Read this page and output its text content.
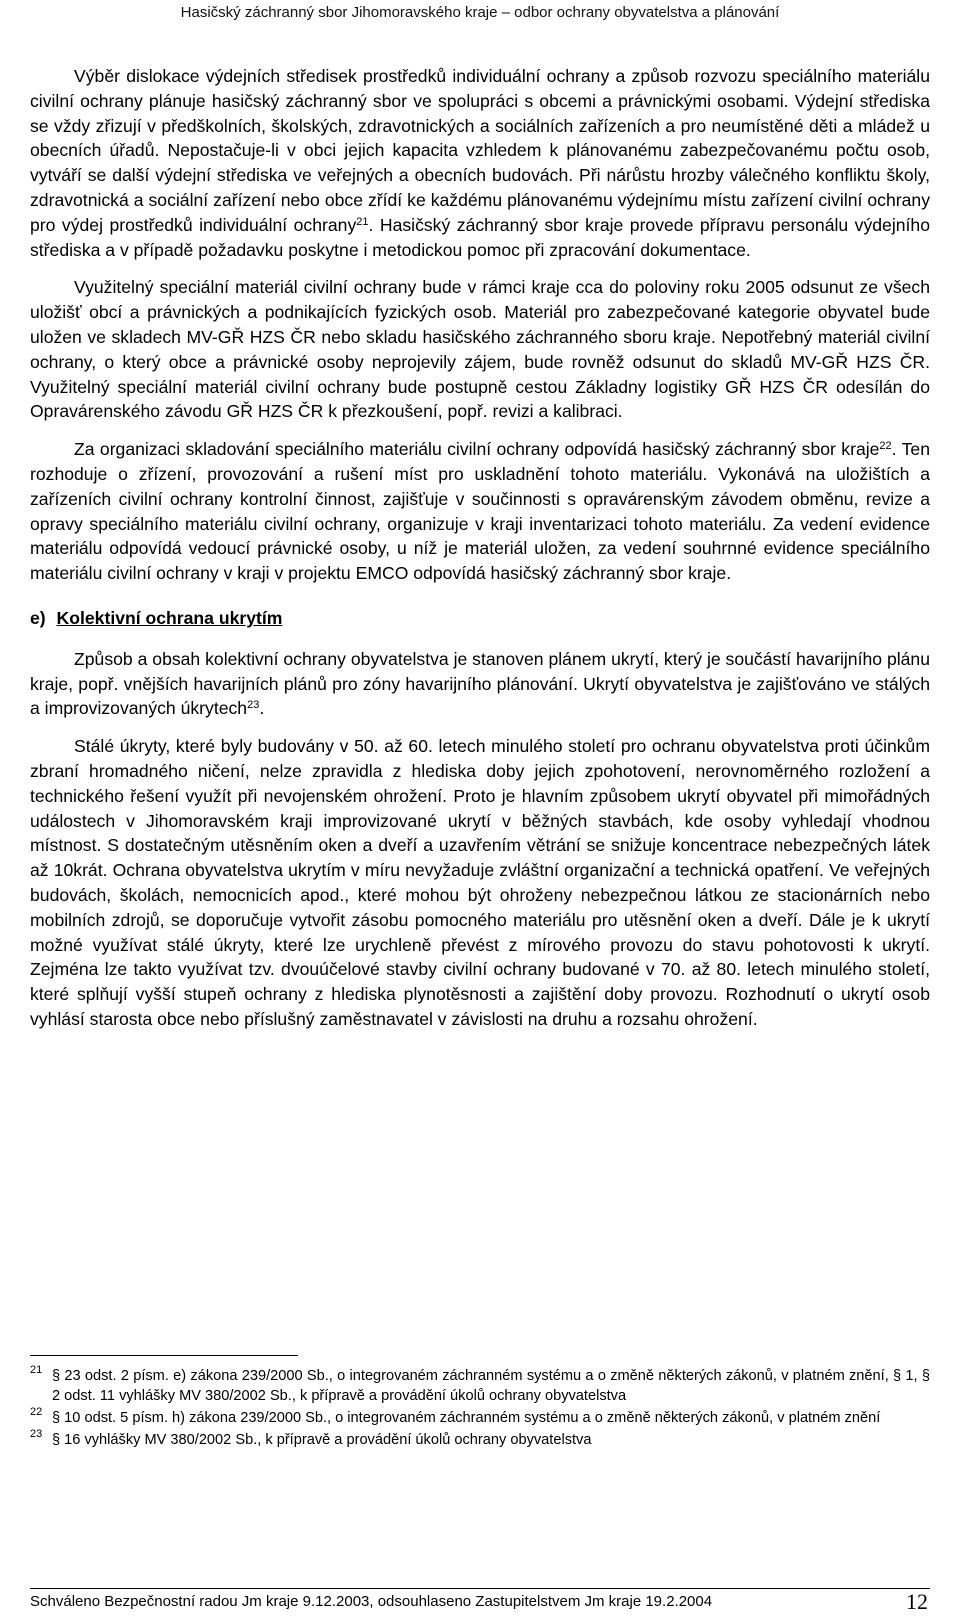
Hasičský záchranný sbor Jihomoravského kraje – odbor ochrany obyvatelstva a plánování

Výběr dislokace výdejních středisek prostředků individuální ochrany a způsob rozvozu speciálního materiálu civilní ochrany plánuje hasičský záchranný sbor ve spolupráci s obcemi a právnickými osobami. Výdejní střediska se vždy zřizují v předškolních, školských, zdravotnických a sociálních zařízeních a pro neumístěné děti a mládež u obecních úřadů. Nepostačuje-li v obci jejich kapacita vzhledem k plánovanému zabezpečovanému počtu osob, vytváří se další výdejní střediska ve veřejných a obecních budovách. Při nárůstu hrozby válečného konfliktu školy, zdravotnická a sociální zařízení nebo obce zřídí ke každému plánovanému výdejnímu místu zařízení civilní ochrany pro výdej prostředků individuální ochrany$^{21}$. Hasičský záchranný sbor kraje provede přípravu personálu výdejního střediska a v případě požadavku poskytne i metodickou pomoc při zpracování dokumentace.

Využitelný speciální materiál civilní ochrany bude v rámci kraje cca do poloviny roku 2005 odsunut ze všech uložišť obcí a právnických a podnikajících fyzických osob. Materiál pro zabezpečované kategorie obyvatel bude uložen ve skladech MV-GŘ HZS ČR nebo skladu hasičského záchranného sboru kraje. Nepotřebný materiál civilní ochrany, o který obce a právnické osoby neprojevily zájem, bude rovněž odsunut do skladů MV-GŘ HZS ČR. Využitelný speciální materiál civilní ochrany bude postupně cestou Základny logistiky GŘ HZS ČR odesílán do Opravárenského závodu GŘ HZS ČR k přezkoušení, popř. revizi a kalibraci.

Za organizaci skladování speciálního materiálu civilní ochrany odpovídá hasičský záchranný sbor kraje$^{22}$. Ten rozhoduje o zřízení, provozování a rušení míst pro uskladnění tohoto materiálu. Vykonává na uložištích a zařízeních civilní ochrany kontrolní činnost, zajišťuje v součinnosti s opravárenským závodem obměnu, revize a opravy speciálního materiálu civilní ochrany, organizuje v kraji inventarizaci tohoto materiálu. Za vedení evidence materiálu odpovídá vedoucí právnické osoby, u níž je materiál uložen, za vedení souhrnné evidence speciálního materiálu civilní ochrany v kraji v projektu EMCO odpovídá hasičský záchranný sbor kraje.

e) Kolektivní ochrana ukrytím

Způsob a obsah kolektivní ochrany obyvatelstva je stanoven plánem ukrytí, který je součástí havarijního plánu kraje, popř. vnějších havarijních plánů pro zóny havarijního plánování. Ukrytí obyvatelstva je zajišťováno ve stálých a improvizovaných úkrytech$^{23}$.

Stálé úkryty, které byly budovány v 50. až 60. letech minulého století pro ochranu obyvatelstva proti účinkům zbraní hromadného ničení, nelze zpravidla z hlediska doby jejich zpohotovení, nerovnoměrného rozložení a technického řešení využít při nevojenském ohrožení. Proto je hlavním způsobem ukrytí obyvatel při mimořádných událostech v Jihomoravském kraji improvizované ukrytí v běžných stavbách, kde osoby vyhledají vhodnou místnost. S dostatečným utěsněním oken a dveří a uzavřením větrání se snižuje koncentrace nebezpečných látek až 10krát. Ochrana obyvatelstva ukrytím v míru nevyžaduje zvláštní organizační a technická opatření. Ve veřejných budovách, školách, nemocnicích apod., které mohou být ohroženy nebezpečnou látkou ze stacionárních nebo mobilních zdrojů, se doporučuje vytvořit zásobu pomocného materiálu pro utěsnění oken a dveří. Dále je k ukrytí možné využívat stálé úkryty, které lze urychleně převést z mírového provozu do stavu pohotovosti k ukrytí. Zejména lze takto využívat tzv. dvouúčelové stavby civilní ochrany budované v 70. až 80. letech minulého století, které splňují vyšší stupeň ochrany z hlediska plynotěsnosti a zajištění doby provozu. Rozhodnutí o ukrytí osob vyhlásí starosta obce nebo příslušný zaměstnavatel v závislosti na druhu a rozsahu ohrožení.

21 § 23 odst. 2 písm. e) zákona 239/2000 Sb., o integrovaném záchranném systému a o změně některých zákonů, v platném znění, § 1, § 2 odst. 11 vyhlášky MV 380/2002 Sb., k přípravě a provádění úkolů ochrany obyvatelstva
22 § 10 odst. 5 písm. h) zákona 239/2000 Sb., o integrovaném záchranném systému a o změně některých zákonů, v platném znění
23 § 16 vyhlášky MV 380/2002 Sb., k přípravě a provádění úkolů ochrany obyvatelstva
Schváleno Bezpečnostní radou Jm kraje 9.12.2003, odsouhlaseno Zastupitelstvem Jm kraje 19.2.2004	12
